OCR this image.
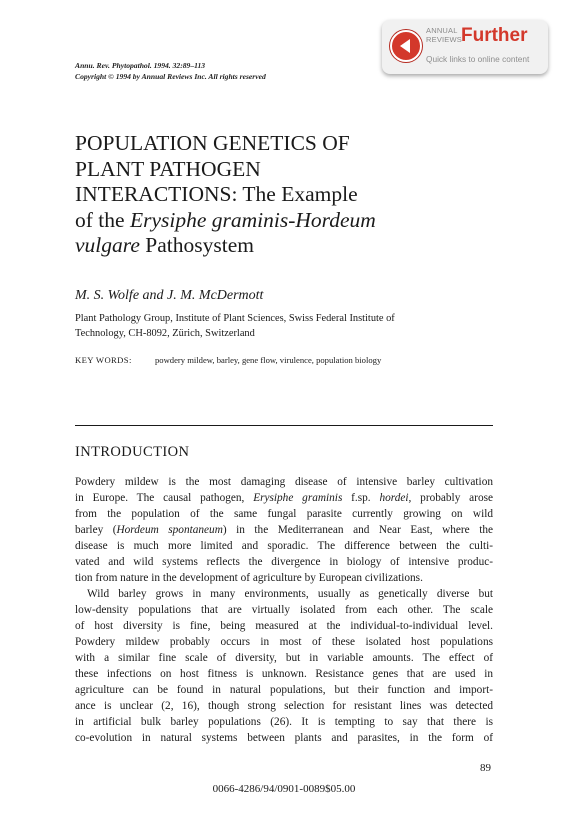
Annu. Rev. Phytopathol. 1994. 32:89–113
Copyright © 1994 by Annual Reviews Inc. All rights reserved
ANNUAL
REVIEWS Further
Quick links to online content
POPULATION GENETICS OF
PLANT PATHOGEN
INTERACTIONS: The Example
of the Erysiphe graminis-Hordeum
vulgare Pathosystem
M. S. Wolfe and J. M. McDermott
Plant Pathology Group, Institute of Plant Sciences, Swiss Federal Institute of
Technology, CH-8092, Zürich, Switzerland
KEY WORDS:	powdery mildew, barley, gene flow, virulence, population biology
INTRODUCTION
Powdery mildew is the most damaging disease of intensive barley cultivation
in Europe. The causal pathogen, Erysiphe graminis f.sp. hordei, probably arose
from the population of the same fungal parasite currently growing on wild
barley (Hordeum spontaneum) in the Mediterranean and Near East, where the
disease is much more limited and sporadic. The difference between the culti-
vated and wild systems reflects the divergence in biology of intensive produc-
tion from nature in the development of agriculture by European civilizations.
Wild barley grows in many environments, usually as genetically diverse but
low-density populations that are virtually isolated from each other. The scale
of host diversity is fine, being measured at the individual-to-individual level.
Powdery mildew probably occurs in most of these isolated host populations
with a similar fine scale of diversity, but in variable amounts. The effect of
these infections on host fitness is unknown. Resistance genes that are used in
agriculture can be found in natural populations, but their function and import-
ance is unclear (2, 16), though strong selection for resistant lines was detected
in artificial bulk barley populations (26). It is tempting to say that there is
co-evolution in natural systems between plants and parasites, in the form of
89
0066-4286/94/0901-0089$05.00
